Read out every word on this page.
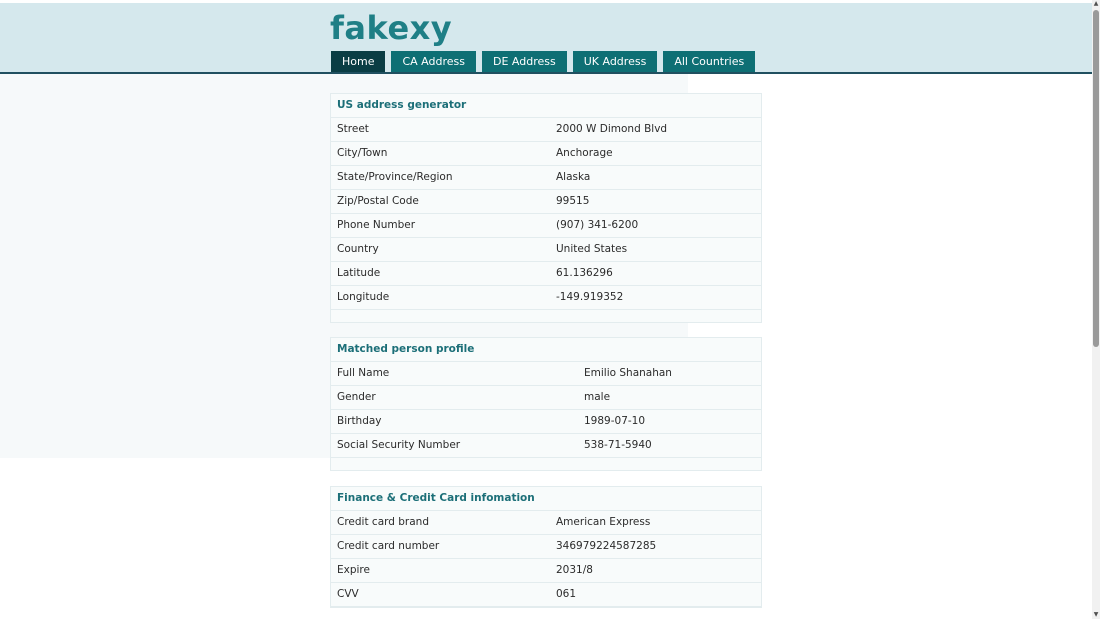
fakexy
Home	CA Address	DE Address	UK Address	All Countries
US address generator
Street	2000 W Dimond Blvd
City/Town	Anchorage
State/Province/Region	Alaska
Zip/Postal Code	99515
Phone Number	(907) 341-6200
Country	United States
Latitude	61.136296
Longitude	-149.919352
Matched person profile
Full Name	Emilio Shanahan
Gender	male
Birthday	1989-07-10
Social Security Number	538-71-5940
Finance & Credit Card infomation
Credit card brand	American Express
Credit card number	346979224587285
Expire	2031/8
CVV	061
▲
▼
